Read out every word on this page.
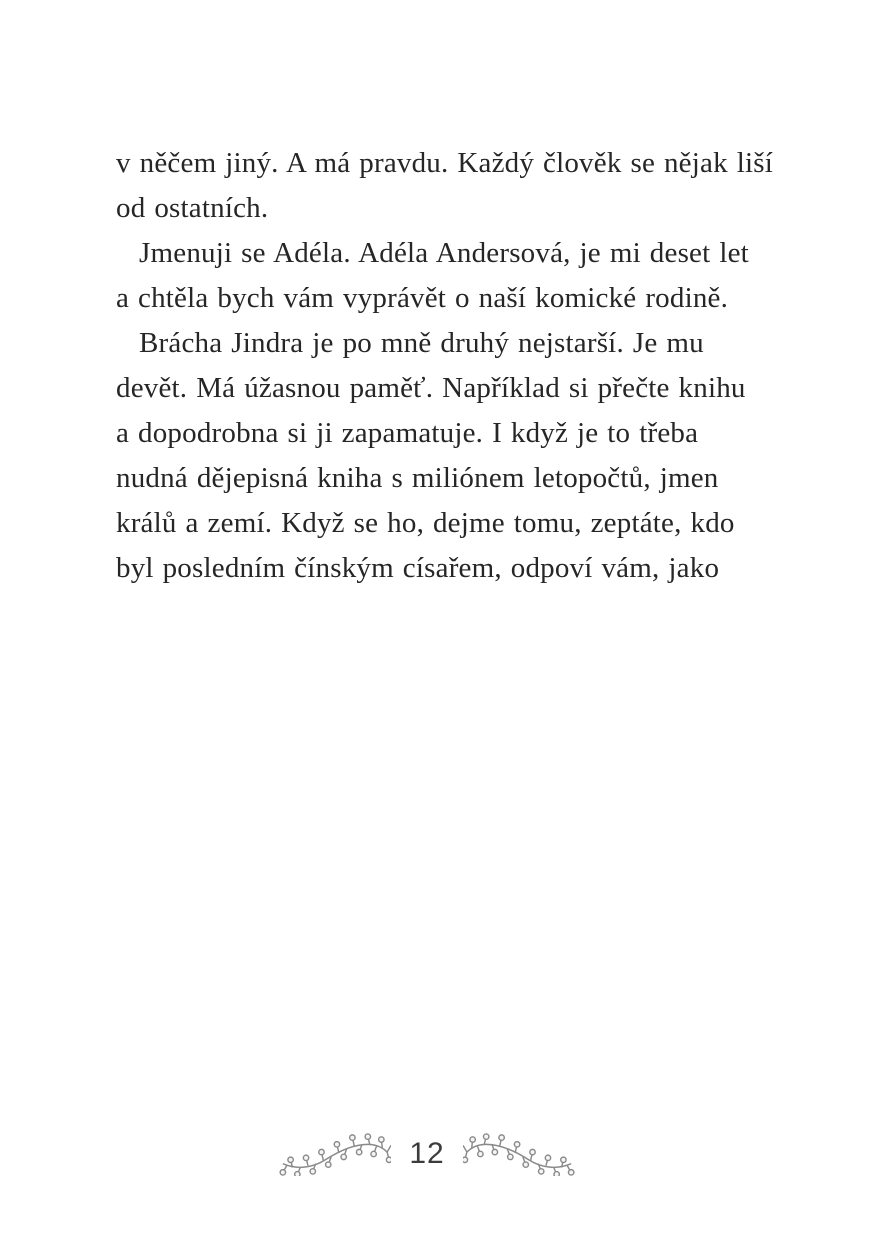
v něčem jiný. A má pravdu. Každý člověk se nějak liší
od ostatních.
Jmenuji se Adéla. Adéla Andersová, je mi deset let
a chtěla bych vám vyprávět o naší komické rodině.
Brácha Jindra je po mně druhý nejstarší. Je mu
devět. Má úžasnou paměť. Například si přečte knihu
a dopodrobna si ji zapamatuje. I když je to třeba
nudná dějepisná kniha s miliónem letopočtů, jmen
králů a zemí. Když se ho, dejme tomu, zeptáte, kdo
byl posledním čínským císařem, odpoví vám, jako
12
